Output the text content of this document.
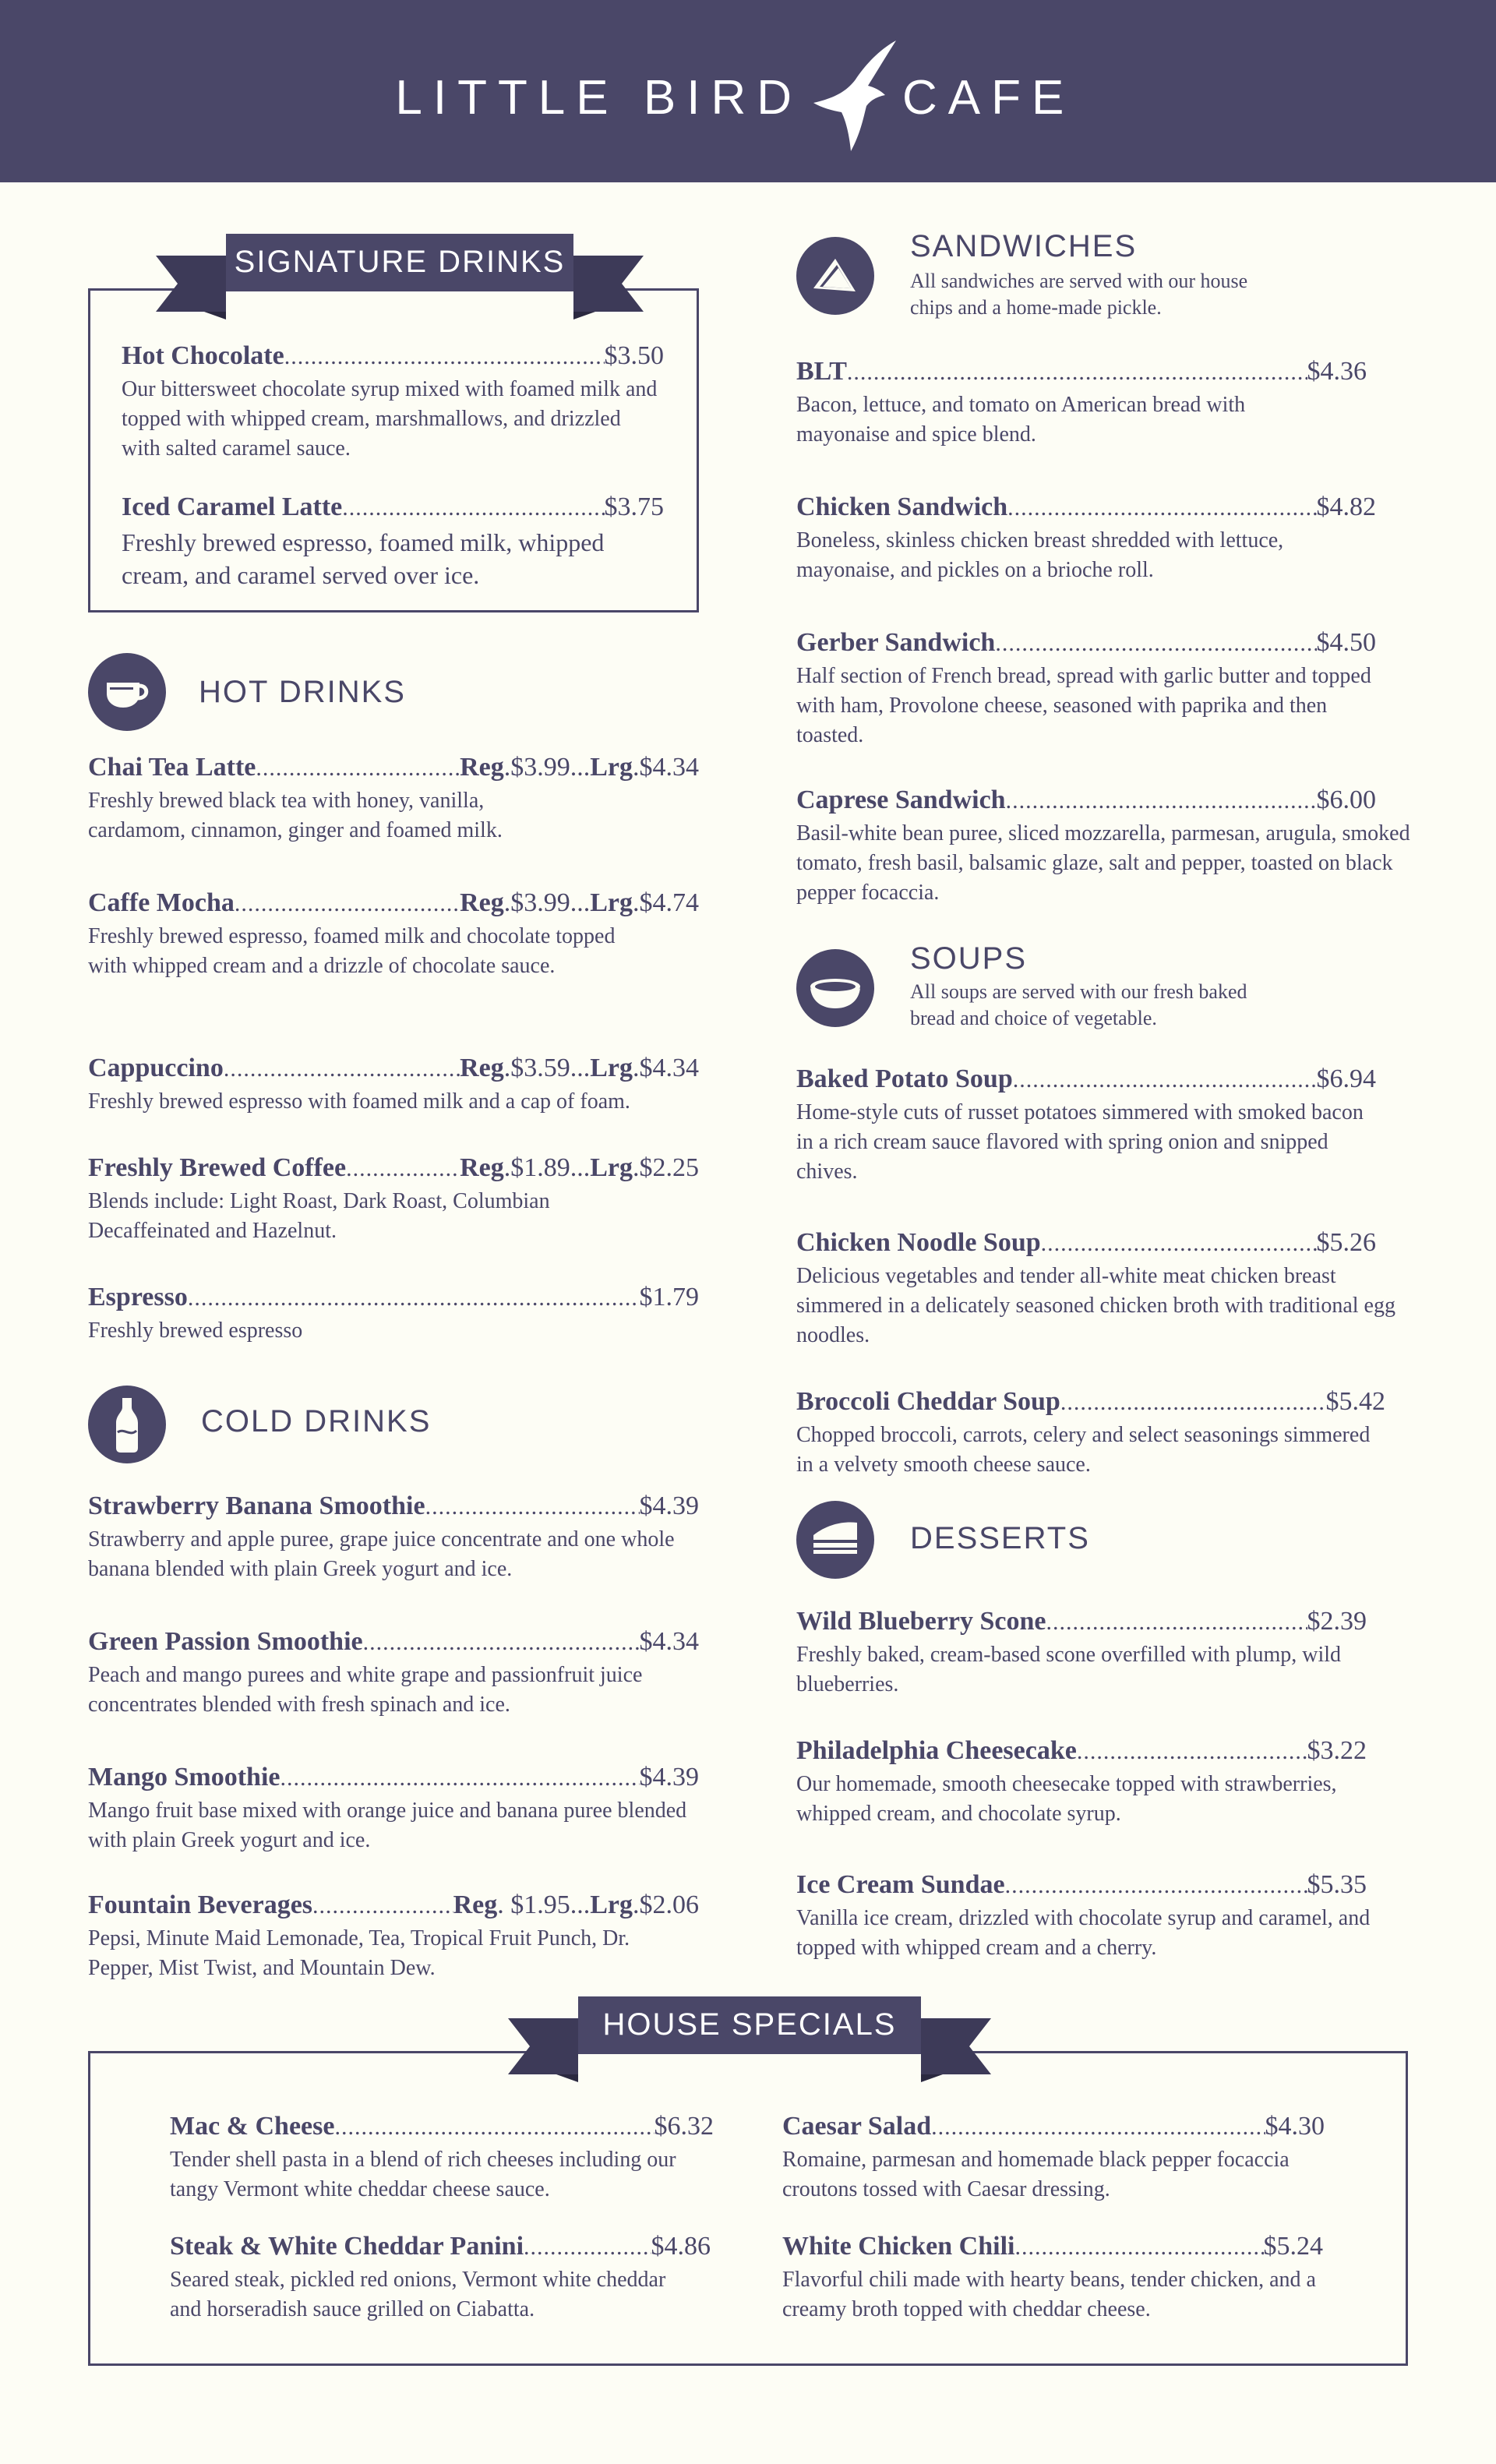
LITTLE BIRD CAFE
SIGNATURE DRINKS
Hot Chocolate .....	$3.50
Our bittersweet chocolate syrup mixed with foamed milk and topped with whipped cream, marshmallows, and drizzled with salted caramel sauce.
Iced Caramel Latte .....	$3.75
Freshly brewed espresso, foamed milk, whipped cream, and caramel served over ice.
HOT DRINKS
Chai Tea Latte .....	Reg.$3.99...Lrg.$4.34
Freshly brewed black tea with honey, vanilla, cardamom, cinnamon, ginger and foamed milk.
Caffe Mocha .....	Reg.$3.99...Lrg.$4.74
Freshly brewed espresso, foamed milk and chocolate topped with whipped cream and a drizzle of chocolate sauce.
Cappuccino .....	Reg.$3.59...Lrg.$4.34
Freshly brewed espresso with foamed milk and a cap of foam.
Freshly Brewed Coffee .....	Reg.$1.89...Lrg.$2.25
Blends include: Light Roast, Dark Roast, Columbian Decaffeinated and Hazelnut.
Espresso .....	$1.79
Freshly brewed espresso
COLD DRINKS
Strawberry Banana Smoothie .....	$4.39
Strawberry and apple puree, grape juice concentrate and one whole banana blended with plain Greek yogurt and ice.
Green Passion Smoothie .....	$4.34
Peach and mango purees and white grape and passionfruit juice concentrates blended with fresh spinach and ice.
Mango Smoothie .....	$4.39
Mango fruit base mixed with orange juice and banana puree blended with plain Greek yogurt and ice.
Fountain Beverages .....	Reg. $1.95...Lrg.$2.06
Pepsi, Minute Maid Lemonade, Tea, Tropical Fruit Punch, Dr. Pepper, Mist Twist, and Mountain Dew.
SANDWICHES
All sandwiches are served with our house chips and a home-made pickle.
BLT .....	$4.36
Bacon, lettuce, and tomato on American bread with mayonaise and spice blend.
Chicken Sandwich .....	$4.82
Boneless, skinless chicken breast shredded with lettuce, mayonaise, and pickles on a brioche roll.
Gerber Sandwich .....	$4.50
Half section of French bread, spread with garlic butter and topped with ham, Provolone cheese, seasoned with paprika and then toasted.
Caprese Sandwich .....	$6.00
Basil-white bean puree, sliced mozzarella, parmesan, arugula, smoked tomato, fresh basil, balsamic glaze, salt and pepper, toasted on black pepper focaccia.
SOUPS
All soups are served with our fresh baked bread and choice of vegetable.
Baked Potato Soup .....	$6.94
Home-style cuts of russet potatoes simmered with smoked bacon in a rich cream sauce flavored with spring onion and snipped chives.
Chicken Noodle Soup .....	$5.26
Delicious vegetables and tender all-white meat chicken breast simmered in a delicately seasoned chicken broth with traditional egg noodles.
Broccoli Cheddar Soup .....	$5.42
Chopped broccoli, carrots, celery and select seasonings simmered in a velvety smooth cheese sauce.
DESSERTS
Wild Blueberry Scone .....	$2.39
Freshly baked, cream-based scone overfilled with plump, wild blueberries.
Philadelphia Cheesecake .....	$3.22
Our homemade, smooth cheesecake topped with strawberries, whipped cream, and chocolate syrup.
Ice Cream Sundae .....	$5.35
Vanilla ice cream, drizzled with chocolate syrup and caramel, and topped with whipped cream and a cherry.
HOUSE SPECIALS
Mac & Cheese .....	$6.32
Tender shell pasta in a blend of rich cheeses including our tangy Vermont white cheddar cheese sauce.
Steak & White Cheddar Panini .....	$4.86
Seared steak, pickled red onions, Vermont white cheddar and horseradish sauce grilled on Ciabatta.
Caesar Salad .....	$4.30
Romaine, parmesan and homemade black pepper focaccia croutons tossed with Caesar dressing.
White Chicken Chili .....	$5.24
Flavorful chili made with hearty beans, tender chicken, and a creamy broth topped with cheddar cheese.
